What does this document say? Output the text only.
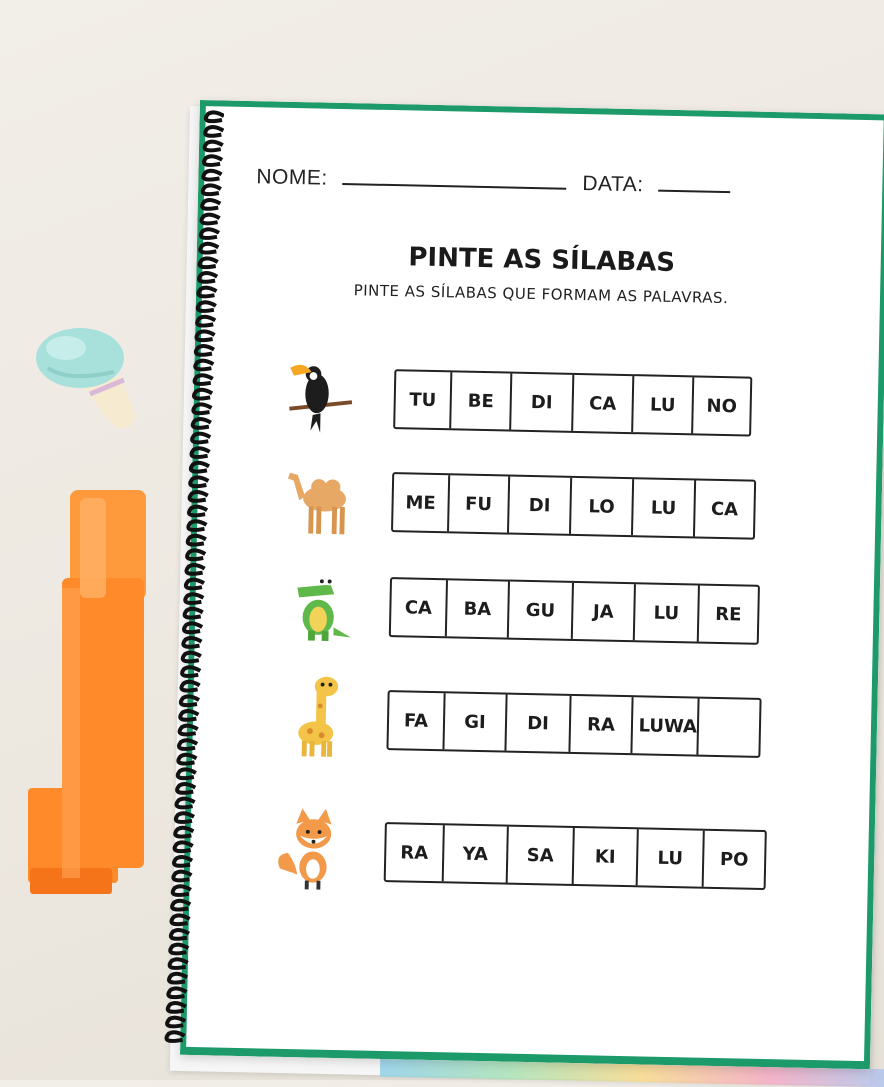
NOME:	DATA:
PINTE AS SÍLABAS
PINTE AS SÍLABAS QUE FORMAM AS PALAVRAS.
TU	BE	DI	CA	LU	NO
ME	FU	DI	LO	LU	CA
CA	BA	GU	JA	LU	RE
FA	GI	DI	RA	LUWA
RA	YA	SA	KI	LU	PO
